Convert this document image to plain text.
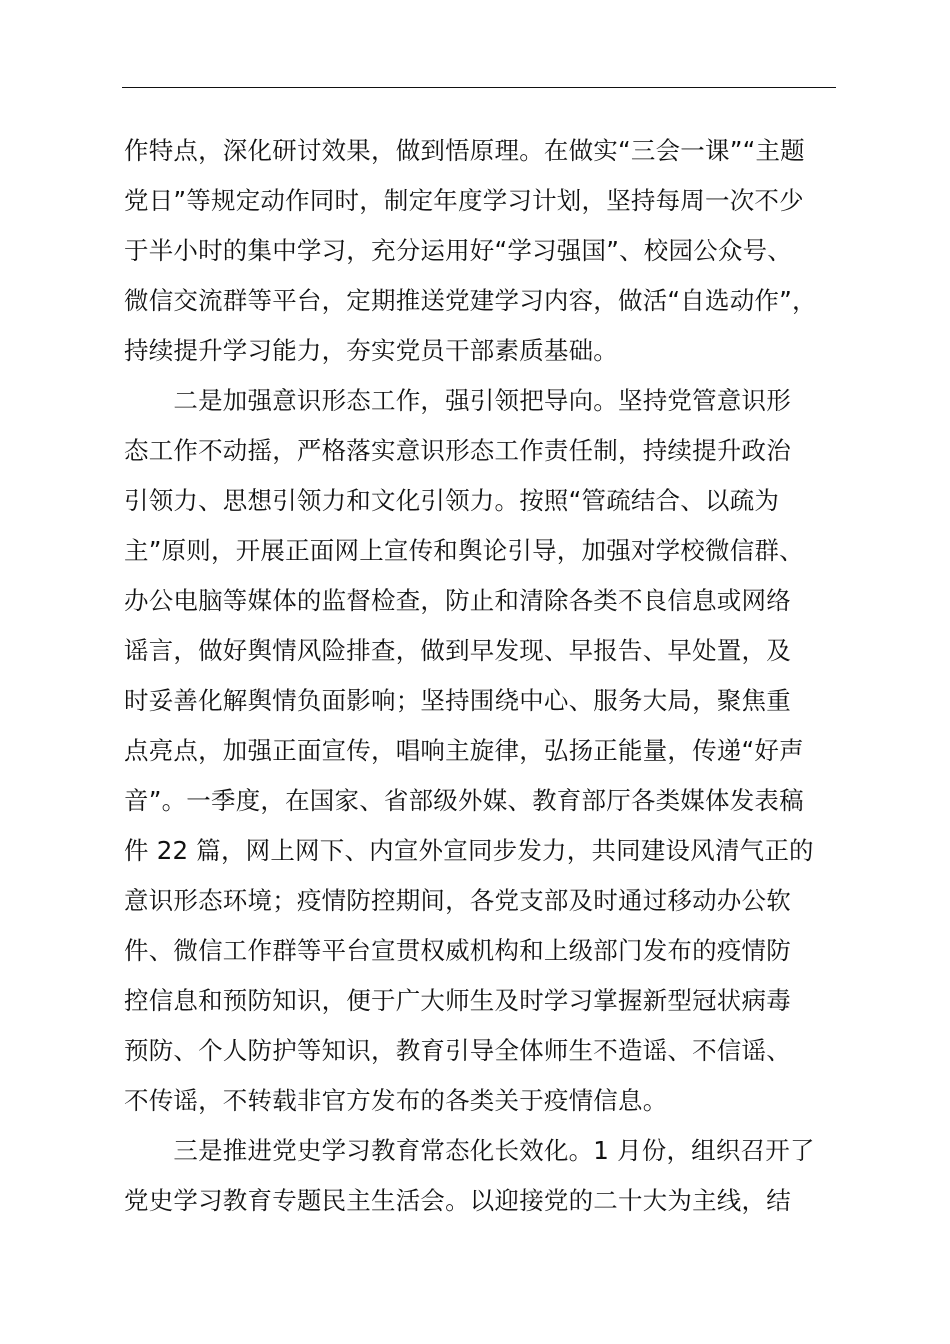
作特点，深化研讨效果，做到悟原理。在做实“三会一课”“主题
党日”等规定动作同时，制定年度学习计划，坚持每周一次不少
于半小时的集中学习，充分运用好“学习强国”、校园公众号、
微信交流群等平台，定期推送党建学习内容，做活“自选动作”，
持续提升学习能力，夯实党员干部素质基础。
　　二是加强意识形态工作，强引领把导向。坚持党管意识形
态工作不动摇，严格落实意识形态工作责任制，持续提升政治
引领力、思想引领力和文化引领力。按照“管疏结合、以疏为
主”原则，开展正面网上宣传和舆论引导，加强对学校微信群、
办公电脑等媒体的监督检查，防止和清除各类不良信息或网络
谣言，做好舆情风险排查，做到早发现、早报告、早处置，及
时妥善化解舆情负面影响；坚持围绕中心、服务大局，聚焦重
点亮点，加强正面宣传，唱响主旋律，弘扬正能量，传递“好声
音”。一季度，在国家、省部级外媒、教育部厅各类媒体发表稿
件 22 篇，网上网下、内宣外宣同步发力，共同建设风清气正的
意识形态环境；疫情防控期间，各党支部及时通过移动办公软
件、微信工作群等平台宣贯权威机构和上级部门发布的疫情防
控信息和预防知识，便于广大师生及时学习掌握新型冠状病毒
预防、个人防护等知识，教育引导全体师生不造谣、不信谣、
不传谣，不转载非官方发布的各类关于疫情信息。
　　三是推进党史学习教育常态化长效化。1 月份，组织召开了
党史学习教育专题民主生活会。以迎接党的二十大为主线，结
